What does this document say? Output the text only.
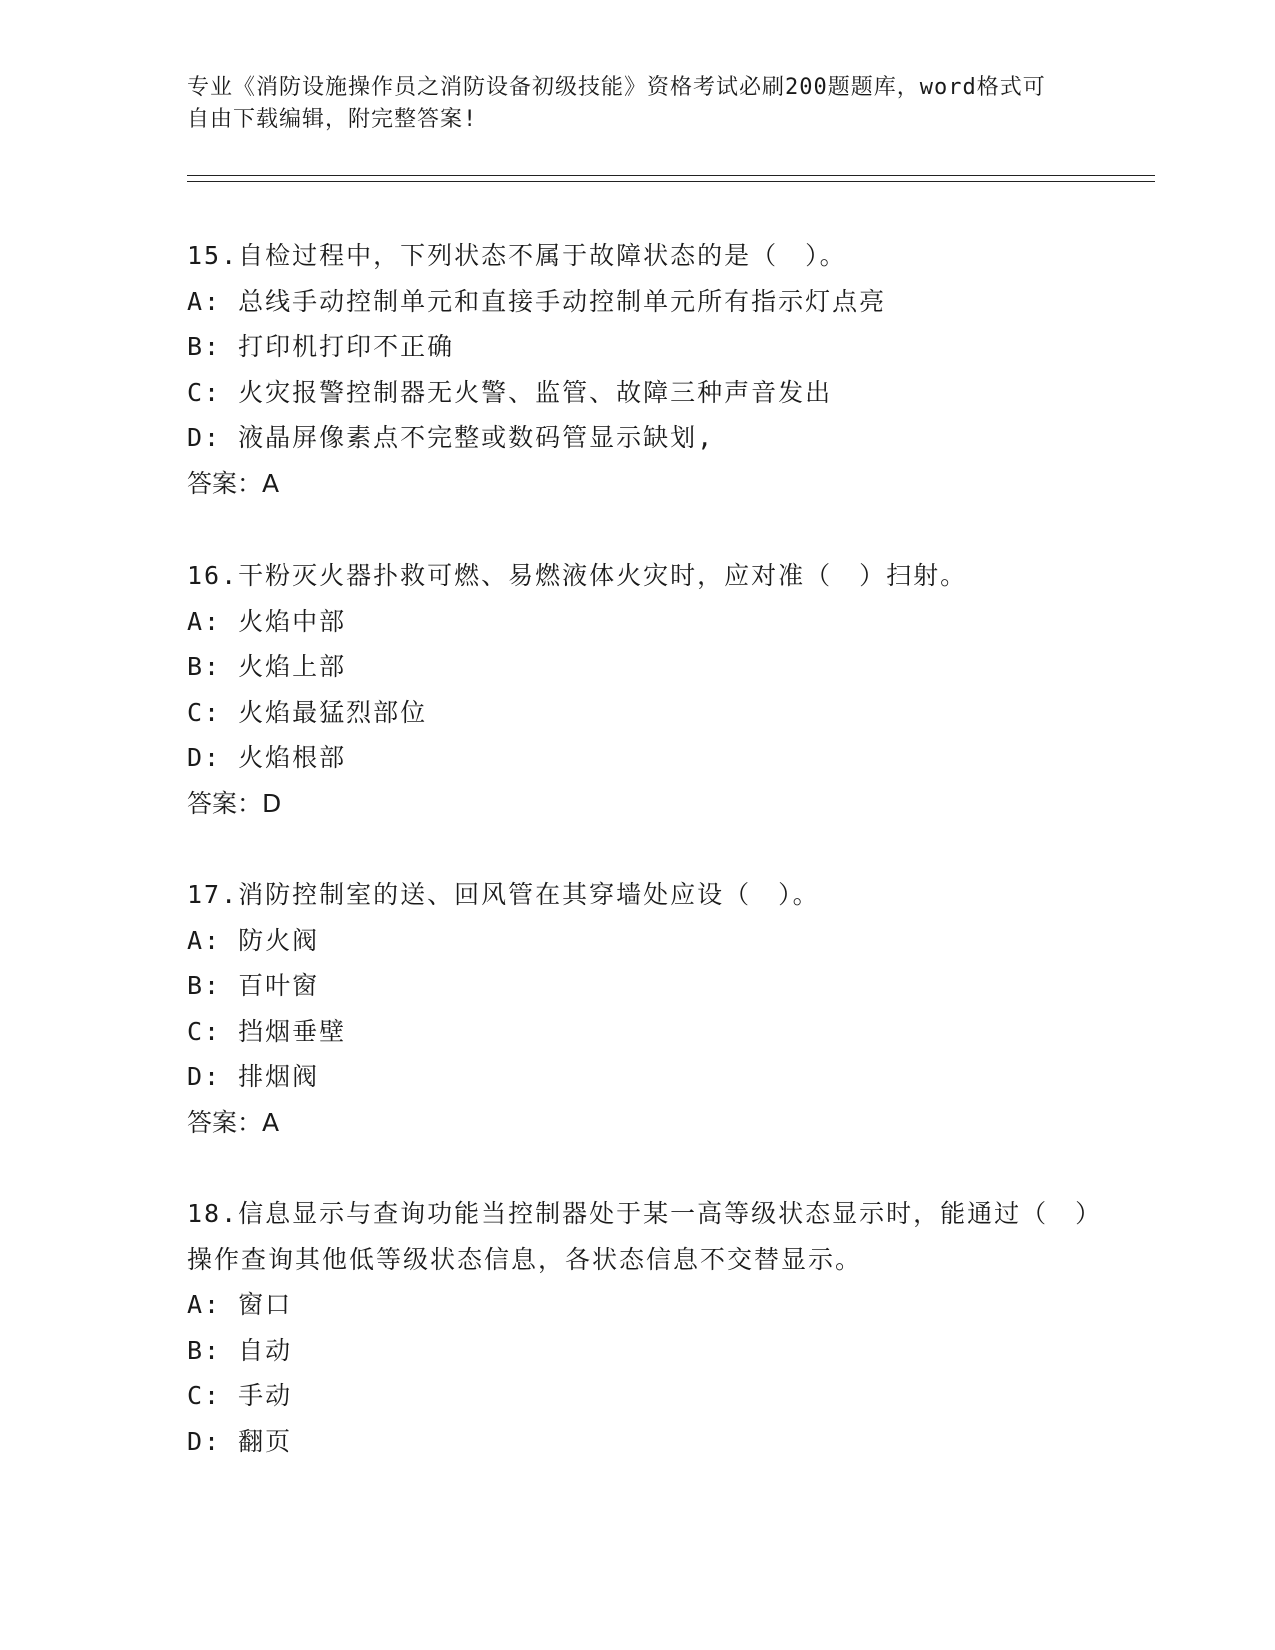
专业《消防设施操作员之消防设备初级技能》资格考试必刷200题题库，word格式可自由下载编辑，附完整答案!
15.自检过程中，下列状态不属于故障状态的是（　）。
A: 总线手动控制单元和直接手动控制单元所有指示灯点亮
B: 打印机打印不正确
C: 火灾报警控制器无火警、监管、故障三种声音发出
D: 液晶屏像素点不完整或数码管显示缺划,
答案：A
16.干粉灭火器扑救可燃、易燃液体火灾时，应对准（　）扫射。
A: 火焰中部
B: 火焰上部
C: 火焰最猛烈部位
D: 火焰根部
答案：D
17.消防控制室的送、回风管在其穿墙处应设（　）。
A: 防火阀
B: 百叶窗
C: 挡烟垂壁
D: 排烟阀
答案：A
18.信息显示与查询功能当控制器处于某一高等级状态显示时，能通过（　）操作查询其他低等级状态信息，各状态信息不交替显示。
A: 窗口
B: 自动
C: 手动
D: 翻页
